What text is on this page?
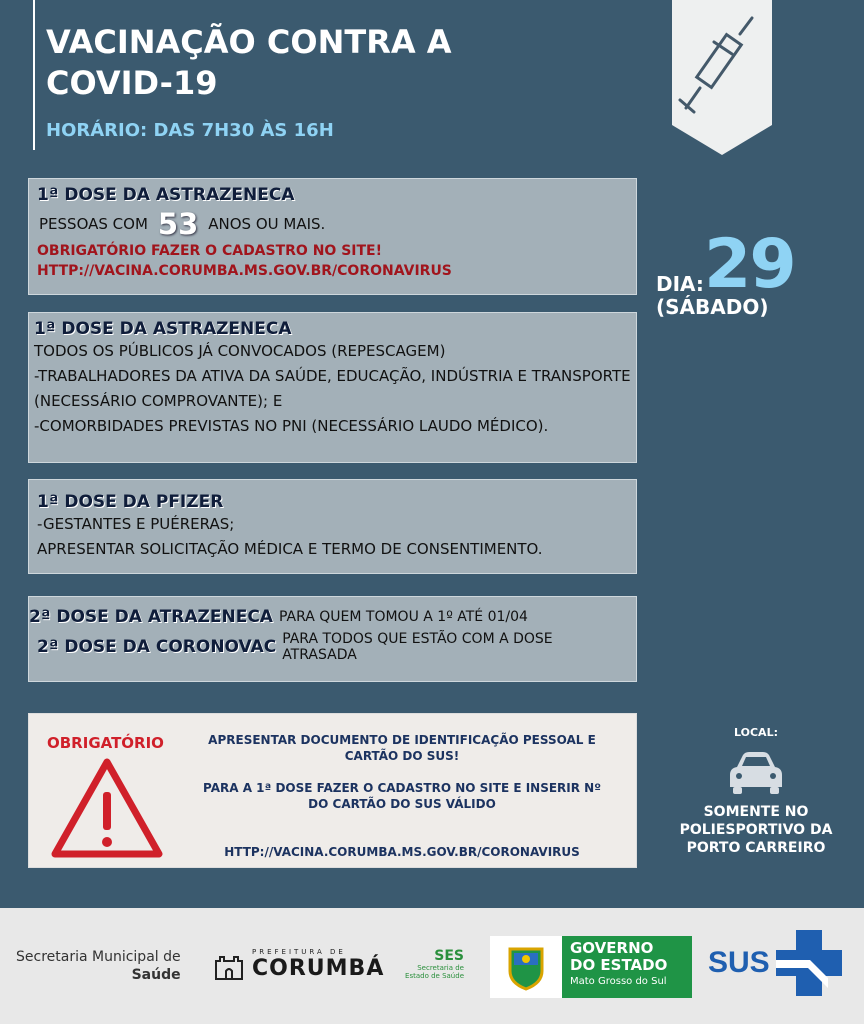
VACINAÇÃO CONTRA A COVID-19
HORÁRIO: DAS 7H30 ÀS 16H
DIA: 29
(SÁBADO)
1ª DOSE DA ASTRAZENECA
PESSOAS COM 53 ANOS OU MAIS.
OBRIGATÓRIO FAZER O CADASTRO NO SITE!
HTTP://VACINA.CORUMBA.MS.GOV.BR/CORONAVIRUS
1ª DOSE DA ASTRAZENECA

TODOS OS PÚBLICOS JÁ CONVOCADOS (REPESCAGEM)

-TRABALHADORES DA ATIVA DA SAÚDE, EDUCAÇÃO, INDÚSTRIA E TRANSPORTE (NECESSÁRIO COMPROVANTE); E

-COMORBIDADES PREVISTAS NO PNI (NECESSÁRIO LAUDO MÉDICO).

1ª DOSE DA PFIZER

-GESTANTES E PUÉRERAS;

APRESENTAR SOLICITAÇÃO MÉDICA E TERMO DE CONSENTIMENTO.

2ª DOSE DA ATRAZENECA PARA QUEM TOMOU A 1º ATÉ 01/04
2ª DOSE DA CORONOVAC PARA TODOS QUE ESTÃO COM A DOSE ATRASADA
OBRIGATÓRIO	APRESENTAR DOCUMENTO DE IDENTIFICAÇÃO PESSOAL E CARTÃO DO SUS!
PARA A 1ª DOSE FAZER O CADASTRO NO SITE E INSERIR Nº DO CARTÃO DO SUS VÁLIDO
HTTP://VACINA.CORUMBA.MS.GOV.BR/CORONAVIRUS
LOCAL:
SOMENTE NO POLIESPORTIVO DA PORTO CARREIRO
Secretaria Municipal de
Saúde
PREFEITURA DE
CORUMBÁ	SES
Secretaria de Estado de Saúde
GOVERNO
DO ESTADO
Mato Grosso do Sul
SUS
